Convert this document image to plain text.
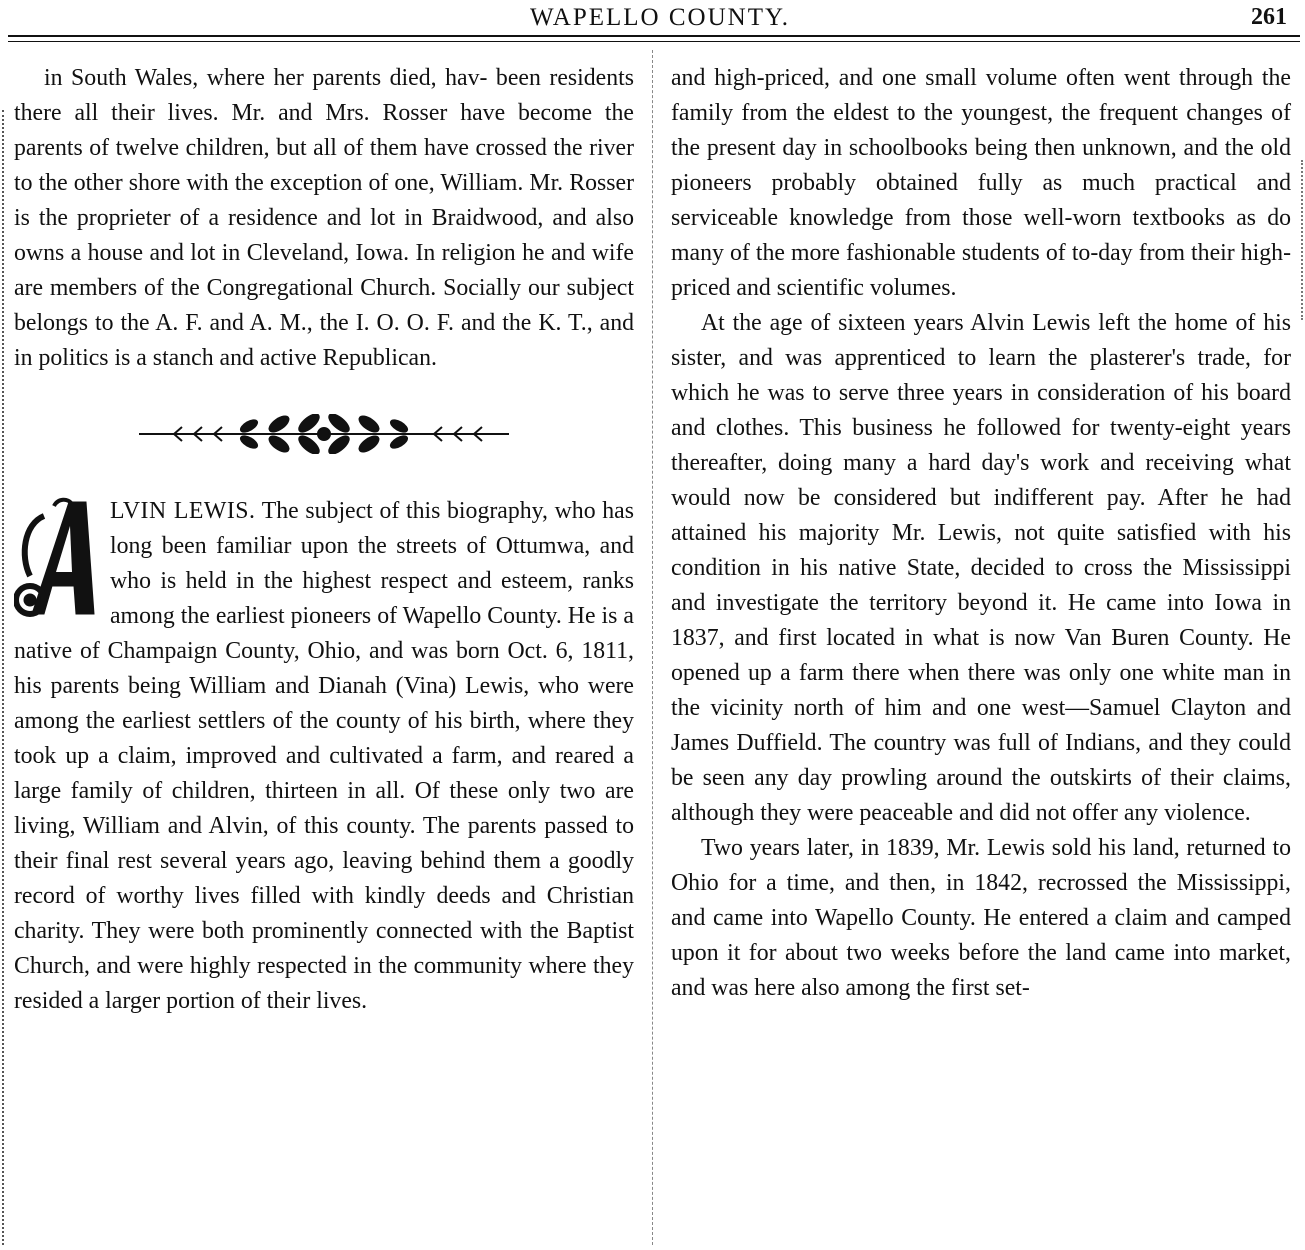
WAPELLO COUNTY.	261

in South Wales, where her parents died, hav- been residents there all their lives. Mr. and Mrs. Rosser have become the parents of twelve children, but all of them have crossed the river to the other shore with the exception of one, William. Mr. Rosser is the proprieter of a residence and lot in Braidwood, and also owns a house and lot in Cleveland, Iowa. In religion he and wife are members of the Congregational Church. Socially our subject belongs to the A. F. and A. M., the I. O. O. F. and the K. T., and in politics is a stanch and active Republican.

LVIN LEWIS. The subject of this biography, who has long been familiar upon the streets of Ottumwa, and who is held in the highest respect and esteem, ranks among the earliest pioneers of Wapello County. He is a native of Champaign County, Ohio, and was born Oct. 6, 1811, his parents being William and Dianah (Vina) Lewis, who were among the earliest settlers of the county of his birth, where they took up a claim, improved and cultivated a farm, and reared a large family of children, thirteen in all. Of these only two are living, William and Alvin, of this county. The parents passed to their final rest several years ago, leaving behind them a goodly record of worthy lives filled with kindly deeds and Christian charity. They were both prominently connected with the Baptist Church, and were highly respected in the community where they resided a larger portion of their lives.

and high-priced, and one small volume often went through the family from the eldest to the youngest, the frequent changes of the present day in schoolbooks being then unknown, and the old pioneers probably obtained fully as much practical and serviceable knowledge from those well-worn textbooks as do many of the more fashionable students of to-day from their high-priced and scientific volumes.

At the age of sixteen years Alvin Lewis left the home of his sister, and was apprenticed to learn the plasterer's trade, for which he was to serve three years in consideration of his board and clothes. This business he followed for twenty-eight years thereafter, doing many a hard day's work and receiving what would now be considered but indifferent pay. After he had attained his majority Mr. Lewis, not quite satisfied with his condition in his native State, decided to cross the Mississippi and investigate the territory beyond it. He came into Iowa in 1837, and first located in what is now Van Buren County. He opened up a farm there when there was only one white man in the vicinity north of him and one west—Samuel Clayton and James Duffield. The country was full of Indians, and they could be seen any day prowling around the outskirts of their claims, although they were peaceable and did not offer any violence.

Two years later, in 1839, Mr. Lewis sold his land, returned to Ohio for a time, and then, in 1842, recrossed the Mississippi, and came into Wapello County. He entered a claim and camped upon it for about two weeks before the land came into market, and was here also among the first set-
